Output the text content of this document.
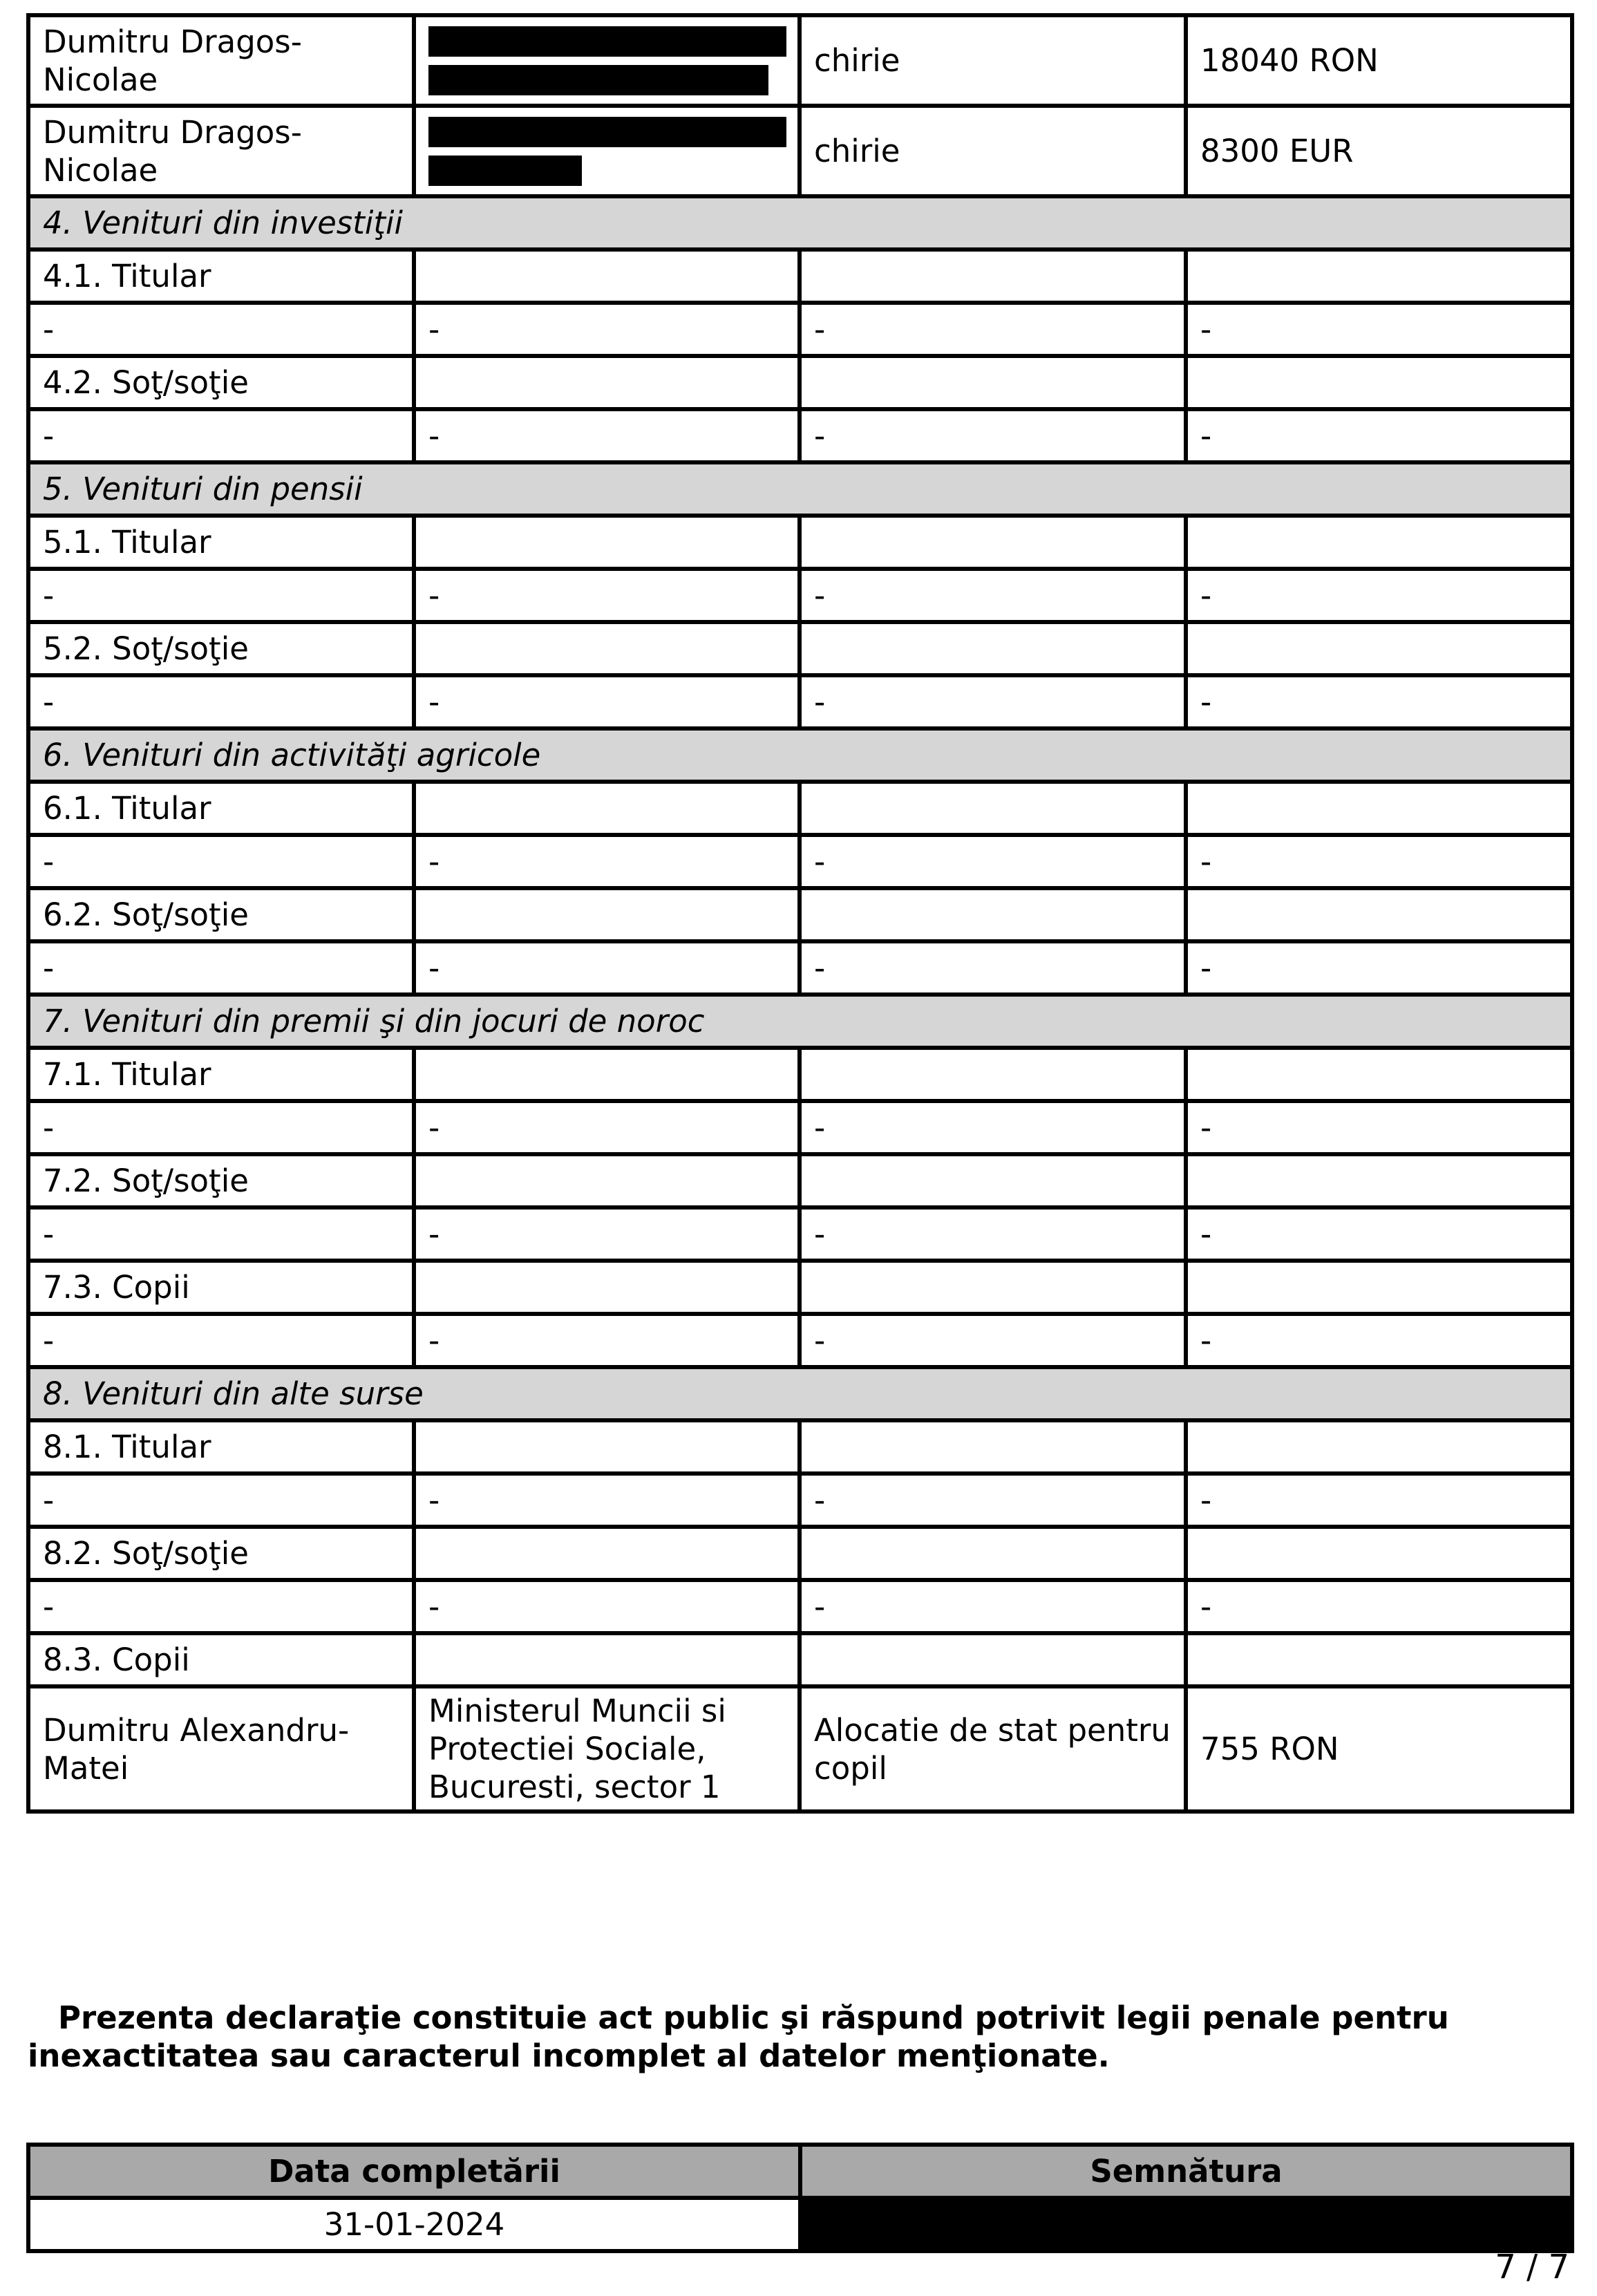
Dumitru Dragos-Nicolae		chirie	18040 RON
Dumitru Dragos-Nicolae		chirie	8300 EUR
4. Venituri din investiţii			
4.1. Titular			
-	-	-	-
4.2. Soţ/soţie			
-	-	-	-
5. Venituri din pensii			
5.1. Titular			
-	-	-	-
5.2. Soţ/soţie			
-	-	-	-
6. Venituri din activităţi agricole			
6.1. Titular			
-	-	-	-
6.2. Soţ/soţie			
-	-	-	-
7. Venituri din premii şi din jocuri de noroc			
7.1. Titular			
-	-	-	-
7.2. Soţ/soţie			
-	-	-	-
7.3. Copii			
-	-	-	-
8. Venituri din alte surse			
8.1. Titular			
-	-	-	-
8.2. Soţ/soţie			
-	-	-	-
8.3. Copii			
Dumitru Alexandru-Matei	Ministerul Muncii si Protectiei Sociale, Bucuresti, sector 1	Alocatie de stat pentru copil	755 RON
Prezenta declaraţie constituie act public şi răspund potrivit legii penale pentru inexactitatea sau caracterul incomplet al datelor menţionate.
Data completării	Semnătura
31-01-2024	
7 / 7
